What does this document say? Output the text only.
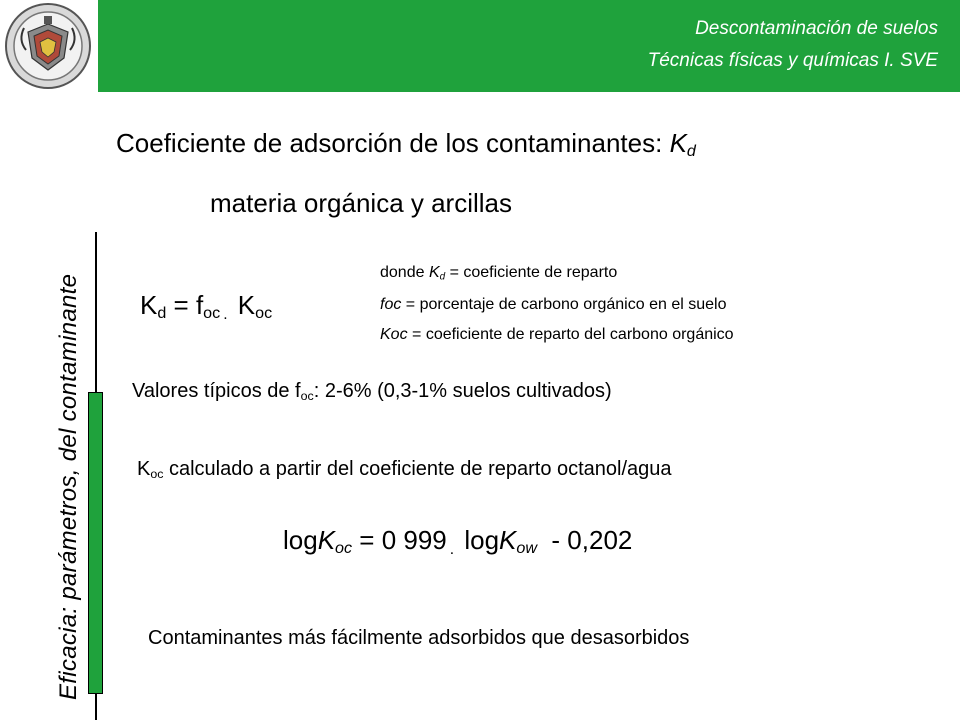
Descontaminación de suelos
Técnicas físicas y químicas I. SVE
Eficacia: parámetros, del contaminante
Coeficiente de adsorción de los contaminantes: $K_d$
materia orgánica y arcillas
$K_d = f_{oc}$ $_.$ $K_{oc}$
donde $K_d$ = coeficiente de reparto
foc = porcentaje de carbono orgánico en el suelo
Koc = coeficiente de reparto del carbono orgánico
Valores típicos de $f_{oc}$: 2-6% (0,3-1% suelos cultivados)
$K_{oc}$ calculado a partir del coeficiente de reparto octanol/agua
logK$_{oc}$ = 0 999 $_.$ logK$_{ow}$  - 0,202
Contaminantes más fácilmente adsorbidos que desasorbidos
